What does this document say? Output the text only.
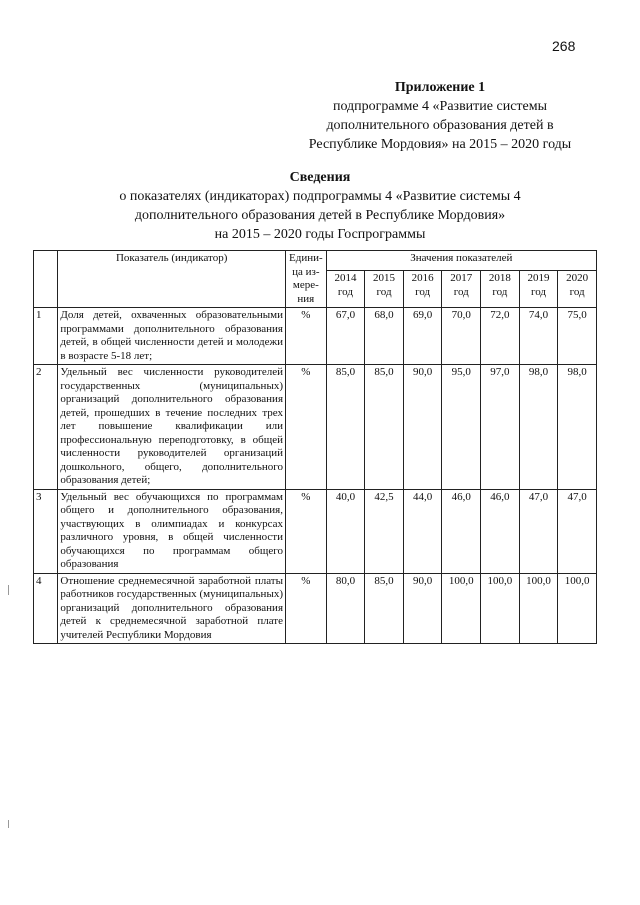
268
Приложение 1
подпрограмме 4 «Развитие системы
дополнительного образования детей в
Республике Мордовия» на 2015 – 2020 годы
Сведения
о показателях (индикаторах) подпрограммы 4 «Развитие системы 4
дополнительного образования детей в Республике Мордовия»
на 2015 – 2020 годы Госпрограммы
	Показатель (индикатор)	Едини-ца из-мере-ния	Значения показателей						
			2014 год	2015 год	2016 год	2017 год	2018 год	2019 год	2020 год
1	Доля детей, охваченных образовательными программами дополнительного образования детей, в общей численности детей и молодежи в возрасте 5-18 лет;	%	67,0	68,0	69,0	70,0	72,0	74,0	75,0
2	Удельный вес численности руководителей государственных (муниципальных) организаций дополнительного образования детей, прошедших в течение последних трех лет повышение квалификации или профессиональную переподготовку, в общей численности руководителей организаций дошкольного, общего, дополнительного образования детей;	%	85,0	85,0	90,0	95,0	97,0	98,0	98,0
3	Удельный вес обучающихся по программам общего и дополнительного образования, участвующих в олимпиадах и конкурсах различного уровня, в общей численности обучающихся по программам общего образования	%	40,0	42,5	44,0	46,0	46,0	47,0	47,0
4	Отношение среднемесячной заработной платы работников государственных (муниципальных) организаций дополнительного образования детей к среднемесячной заработной плате учителей Республики Мордовия	%	80,0	85,0	90,0	100,0	100,0	100,0	100,0
